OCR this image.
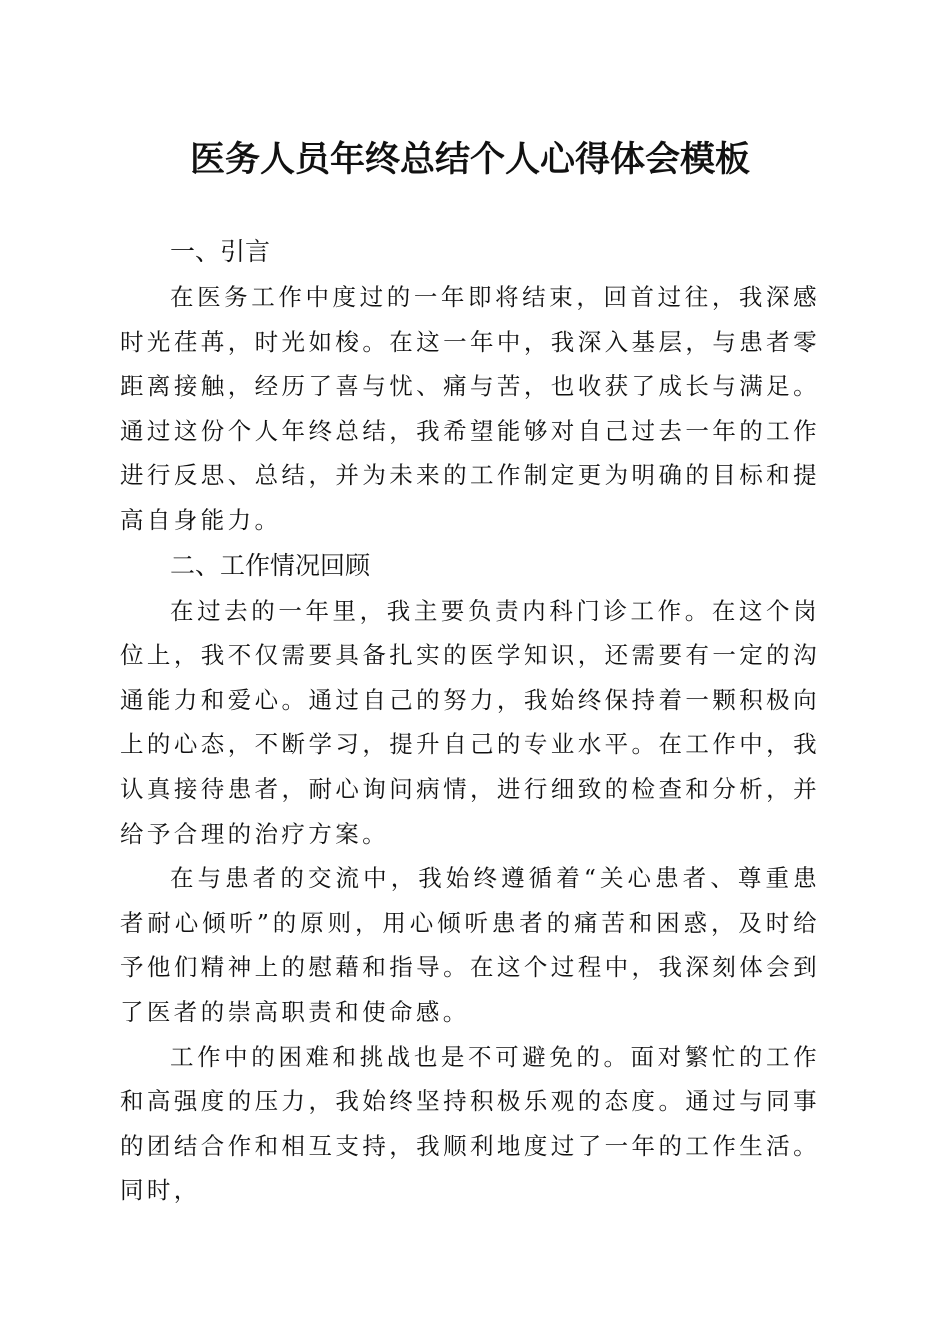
医务人员年终总结个人心得体会模板
一、引言

在医务工作中度过的一年即将结束，回首过往，我深感时光荏苒，时光如梭。在这一年中，我深入基层，与患者零距离接触，经历了喜与忧、痛与苦，也收获了成长与满足。通过这份个人年终总结，我希望能够对自己过去一年的工作进行反思、总结，并为未来的工作制定更为明确的目标和提高自身能力。

二、工作情况回顾

在过去的一年里，我主要负责内科门诊工作。在这个岗位上，我不仅需要具备扎实的医学知识，还需要有一定的沟通能力和爱心。通过自己的努力，我始终保持着一颗积极向上的心态，不断学习，提升自己的专业水平。在工作中，我认真接待患者，耐心询问病情，进行细致的检查和分析，并给予合理的治疗方案。

在与患者的交流中，我始终遵循着“关心患者、尊重患者耐心倾听”的原则，用心倾听患者的痛苦和困惑，及时给予他们精神上的慰藉和指导。在这个过程中，我深刻体会到了医者的崇高职责和使命感。

工作中的困难和挑战也是不可避免的。面对繁忙的工作和高强度的压力，我始终坚持积极乐观的态度。通过与同事的团结合作和相互支持，我顺利地度过了一年的工作生活。同时，
